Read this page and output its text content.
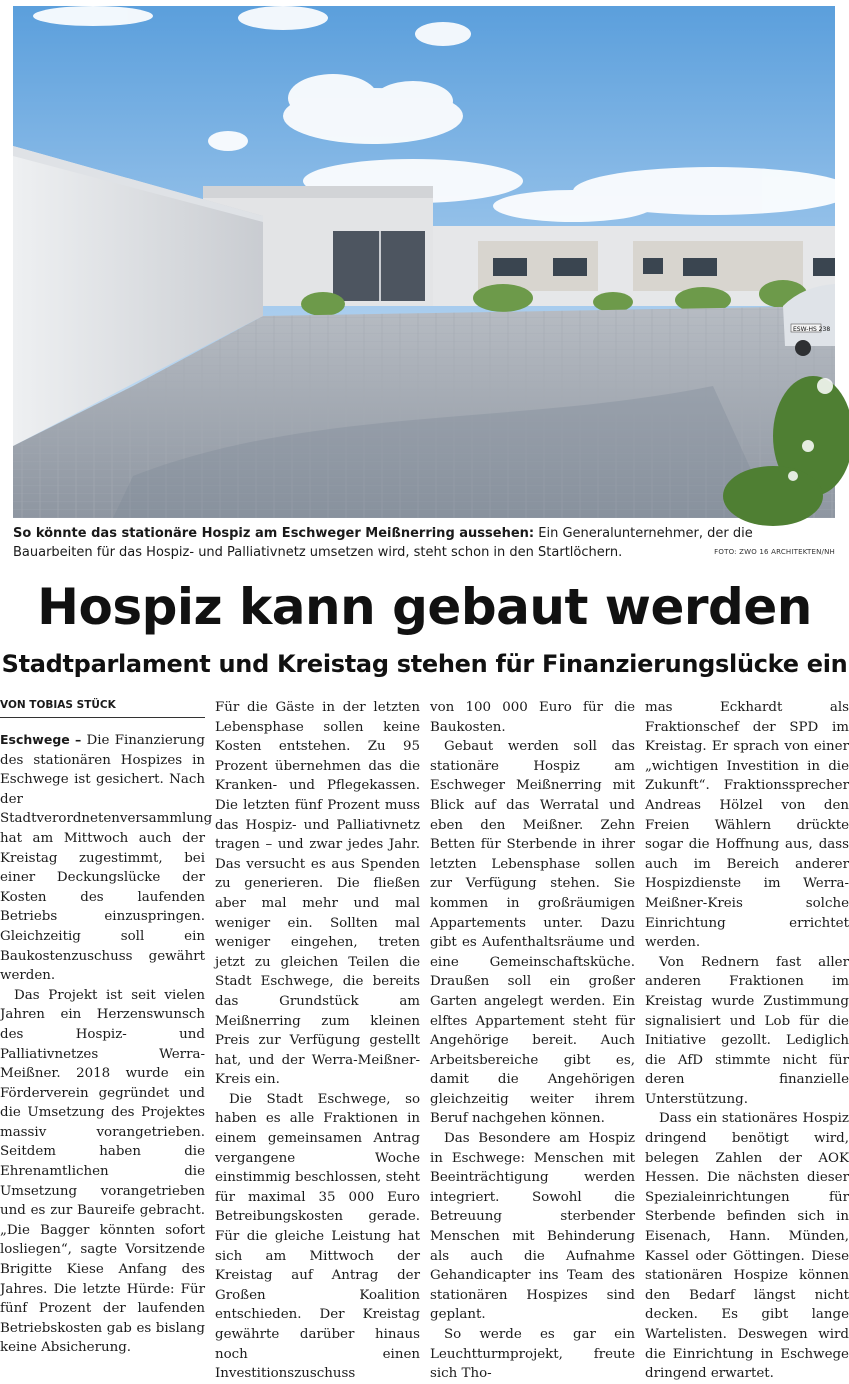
ESW-HS 238
So könnte das stationäre Hospiz am Eschweger Meißnerring aussehen: Ein Generalunternehmer, der die Bauarbeiten für das Hospiz- und Palliativnetz umsetzen wird, steht schon in den Startlöchern.	FOTO: ZWO 16 ARCHITEKTEN/NH
Hospiz kann gebaut werden
Stadtparlament und Kreistag stehen für Finanzierungslücke ein
VON TOBIAS STÜCK

Eschwege – Die Finanzierung des stationären Hospizes in Eschwege ist gesichert. Nach der Stadtverordnetenversammlung hat am Mittwoch auch der Kreistag zugestimmt, bei einer Deckungslücke der Kosten des laufenden Betriebs einzuspringen. Gleichzeitig soll ein Baukostenzuschuss gewährt werden.

Das Projekt ist seit vielen Jahren ein Herzenswunsch des Hospiz- und Palliativnetzes Werra-Meißner. 2018 wurde ein Förderverein gegründet und die Umsetzung des Projektes massiv vorangetrieben. Seitdem haben die Ehrenamtlichen die Umsetzung vorangetrieben und es zur Baureife gebracht. „Die Bagger könnten sofort losliegen“, sagte Vorsitzende Brigitte Kiese Anfang des Jahres. Die letzte Hürde: Für fünf Prozent der laufenden Betriebskosten gab es bislang keine Absicherung.

Für die Gäste in der letzten Lebensphase sollen keine Kosten entstehen. Zu 95 Prozent übernehmen das die Kranken- und Pflegekassen. Die letzten fünf Prozent muss das Hospiz- und Palliativnetz tragen – und zwar jedes Jahr. Das versucht es aus Spenden zu generieren. Die fließen aber mal mehr und mal weniger ein. Sollten mal weniger eingehen, treten jetzt zu gleichen Teilen die Stadt Eschwege, die bereits das Grundstück am Meißnerring zum kleinen Preis zur Verfügung gestellt hat, und der Werra-Meißner-Kreis ein.

Die Stadt Eschwege, so haben es alle Fraktionen in einem gemeinsamen Antrag vergangene Woche einstimmig beschlossen, steht für maximal 35 000 Euro Betreibungskosten gerade. Für die gleiche Leistung hat sich am Mittwoch der Kreistag auf Antrag der Großen Koalition entschieden. Der Kreistag gewährte darüber hinaus noch einen Investitionszuschuss

von 100 000 Euro für die Baukosten.

Gebaut werden soll das stationäre Hospiz am Eschweger Meißnerring mit Blick auf das Werratal und eben den Meißner. Zehn Betten für Sterbende in ihrer letzten Lebensphase sollen zur Verfügung stehen. Sie kommen in großräumigen Appartements unter. Dazu gibt es Aufenthaltsräume und eine Gemeinschaftsküche. Draußen soll ein großer Garten angelegt werden. Ein elftes Appartement steht für Angehörige bereit. Auch Arbeitsbereiche gibt es, damit die Angehörigen gleichzeitig weiter ihrem Beruf nachgehen können.

Das Besondere am Hospiz in Eschwege: Menschen mit Beeinträchtigung werden integriert. Sowohl die Betreuung sterbender Menschen mit Behinderung als auch die Aufnahme Gehandicapter ins Team des stationären Hospizes sind geplant.

So werde es gar ein Leuchtturmprojekt, freute sich Tho-

mas Eckhardt als Fraktionschef der SPD im Kreistag. Er sprach von einer „wichtigen Investition in die Zukunft“. Fraktionssprecher Andreas Hölzel von den Freien Wählern drückte sogar die Hoffnung aus, dass auch im Bereich anderer Hospizdienste im Werra-Meißner-Kreis solche Einrichtung errichtet werden.

Von Rednern fast aller anderen Fraktionen im Kreistag wurde Zustimmung signalisiert und Lob für die Initiative gezollt. Lediglich die AfD stimmte nicht für deren finanzielle Unterstützung.

Dass ein stationäres Hospiz dringend benötigt wird, belegen Zahlen der AOK Hessen. Die nächsten dieser Spezialeinrichtungen für Sterbende befinden sich in Eisenach, Hann. Münden, Kassel oder Göttingen. Diese stationären Hospize können den Bedarf längst nicht decken. Es gibt lange Wartelisten. Deswegen wird die Einrichtung in Eschwege dringend erwartet.
